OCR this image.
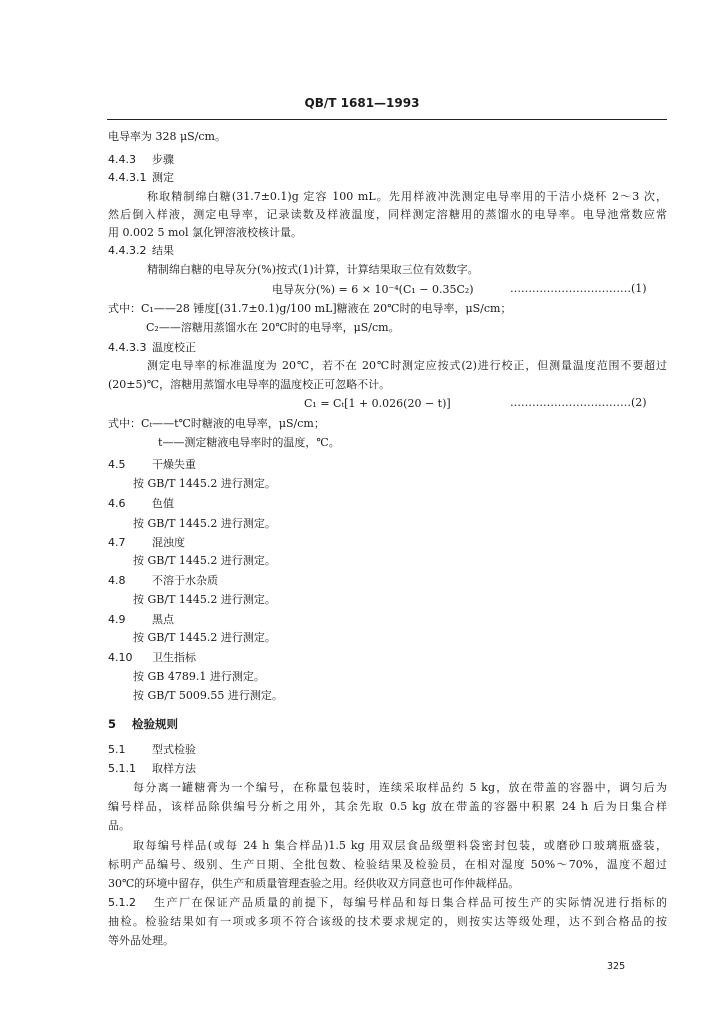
QB/T 1681—1993
电导率为 328 μS/cm。
4.4.3 步骤
4.4.3.1 测定
称取精制绵白糖(31.7±0.1)g 定容 100 mL。先用样液冲洗测定电导率用的干洁小烧杯 2～3 次，
然后倒入样液，测定电导率，记录读数及样液温度，同样测定溶糖用的蒸馏水的电导率。电导池常数应常
用 0.002 5 mol 氯化钾溶液校核计量。
4.4.3.2 结果
精制绵白糖的电导灰分(%)按式(1)计算，计算结果取三位有效数字。
电导灰分(%) = 6 × 10⁻⁴(C₁ − 0.35C₂)	……………………………(1)
式中：C₁——28 锤度[(31.7±0.1)g/100 mL]糖液在 20℃时的电导率，μS/cm；
C₂——溶糖用蒸馏水在 20℃时的电导率，μS/cm。
4.4.3.3 温度校正
测定电导率的标准温度为 20℃，若不在 20℃时测定应按式(2)进行校正，但测量温度范围不要超过
(20±5)℃，溶糖用蒸馏水电导率的温度校正可忽略不计。
C₁ = Cₜ[1 + 0.026(20 − t)]	……………………………(2)
式中：Cₜ——t℃时糖液的电导率，μS/cm；
t——测定糖液电导率时的温度，℃。
4.5 干燥失重
按 GB/T 1445.2 进行测定。
4.6 色值
按 GB/T 1445.2 进行测定。
4.7 混浊度
按 GB/T 1445.2 进行测定。
4.8 不溶于水杂质
按 GB/T 1445.2 进行测定。
4.9 黑点
按 GB/T 1445.2 进行测定。
4.10 卫生指标
按 GB 4789.1 进行测定。
按 GB/T 5009.55 进行测定。
5 检验规则
5.1 型式检验
5.1.1 取样方法
每分离一罐糖膏为一个编号，在称量包装时，连续采取样品约 5 kg，放在带盖的容器中，调匀后为
编号样品，该样品除供编号分析之用外，其余先取 0.5 kg 放在带盖的容器中积累 24 h 后为日集合样
品。
取每编号样品(或每 24 h 集合样品)1.5 kg 用双层食品级塑料袋密封包装，或磨砂口玻璃瓶盛装，
标明产品编号、级别、生产日期、全批包数、检验结果及检验员，在相对湿度 50%～70%，温度不超过
30℃的环境中留存，供生产和质量管理查验之用。经供收双方同意也可作仲裁样品。
5.1.2	生产厂在保证产品质量的前提下，每编号样品和每日集合样品可按生产的实际情况进行指标的
抽检。检验结果如有一项或多项不符合该级的技术要求规定的，则按实达等级处理，达不到合格品的按
等外品处理。
325
